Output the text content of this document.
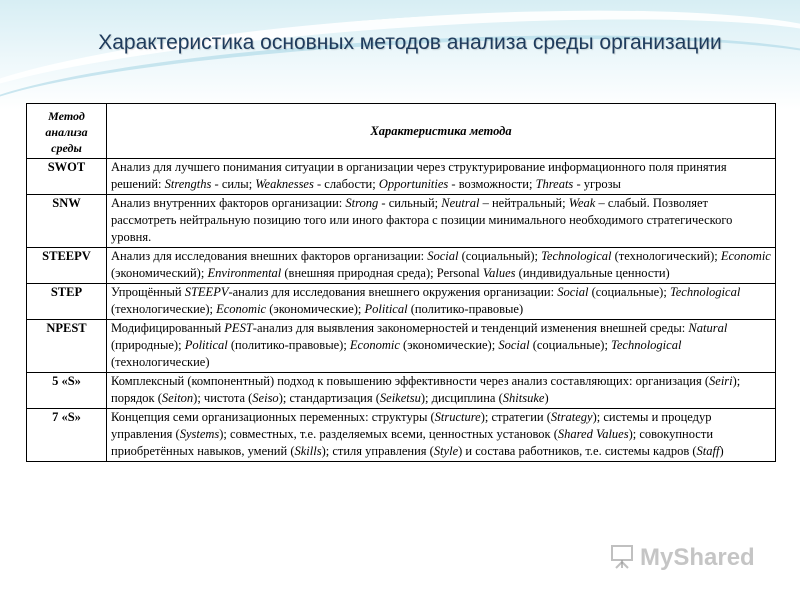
Характеристика основных методов анализа среды организации
Метод анализа среды	Характеристика метода
SWOT	Анализ для лучшего понимания ситуации в организации через структурирование информационного поля принятия решений: Strengths - силы; Weaknesses - слабости; Opportunities - возможности; Threats - угрозы
SNW	Анализ внутренних факторов организации: Strong - сильный; Neutral – нейтральный; Weak – слабый. Позволяет рассмотреть нейтральную позицию того или иного фактора с позиции минимального необходимого стратегического уровня.
STEEPV	Анализ для исследования внешних факторов организации: Social (социальный); Technological (технологический); Economic (экономический); Environmental (внешняя природная среда); Personal Values (индивидуальные ценности)
STEP	Упрощённый STEEPV-анализ для исследования внешнего окружения организации: Social (социальные); Technological (технологические); Economic (экономические); Political (политико-правовые)
NPEST	Модифицированный PEST-анализ для выявления закономерностей и тенденций изменения внешней среды: Natural (природные); Political (политико-правовые); Economic (экономические); Social (социальные); Technological (технологические)
5 «S»	Комплексный (компонентный) подход к повышению эффективности через анализ составляющих: организация (Seiri); порядок (Seiton); чистота (Seiso); стандартизация (Seiketsu); дисциплина (Shitsuke)
7 «S»	Концепция семи организационных переменных: структуры (Structure); стратегии (Strategy); системы и процедур управления (Systems); совместных, т.е. разделяемых всеми, ценностных установок (Shared Values); совокупности приобретённых навыков, умений (Skills); стиля управления (Style) и состава работников, т.е. системы кадров (Staff)
MyShared
